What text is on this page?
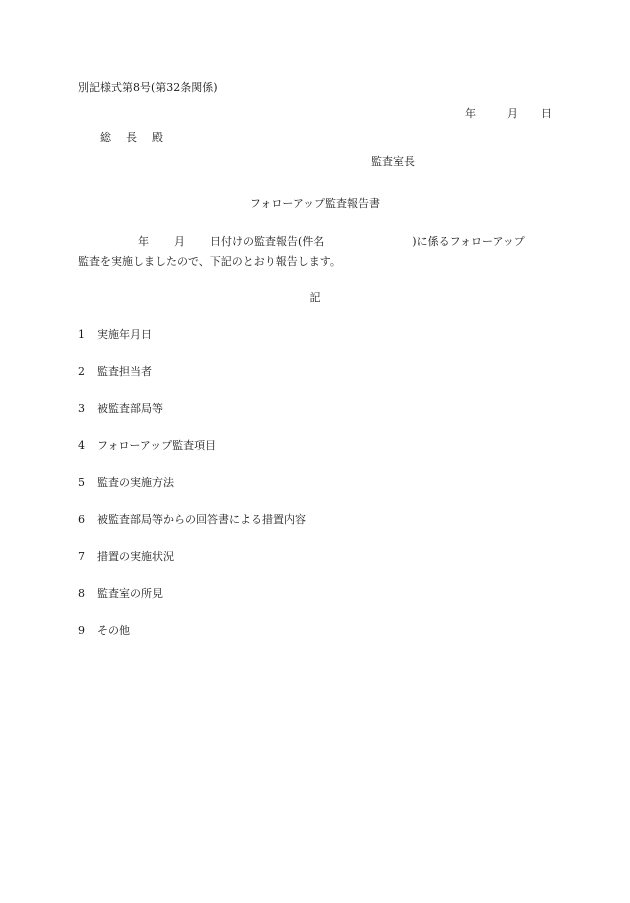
別記様式第8号(第32条関係)
年	月 日
総 長 殿
監査室長
フォローアップ監査報告書
年 月 日付けの監査報告(件名	)に係るフォローアップ
監査を実施しましたので、下記のとおり報告します。
記
1 実施年月日
2 監査担当者
3 被監査部局等
4 フォローアップ監査項目
5 監査の実施方法
6 被監査部局等からの回答書による措置内容
7 措置の実施状況
8 監査室の所見
9 その他
